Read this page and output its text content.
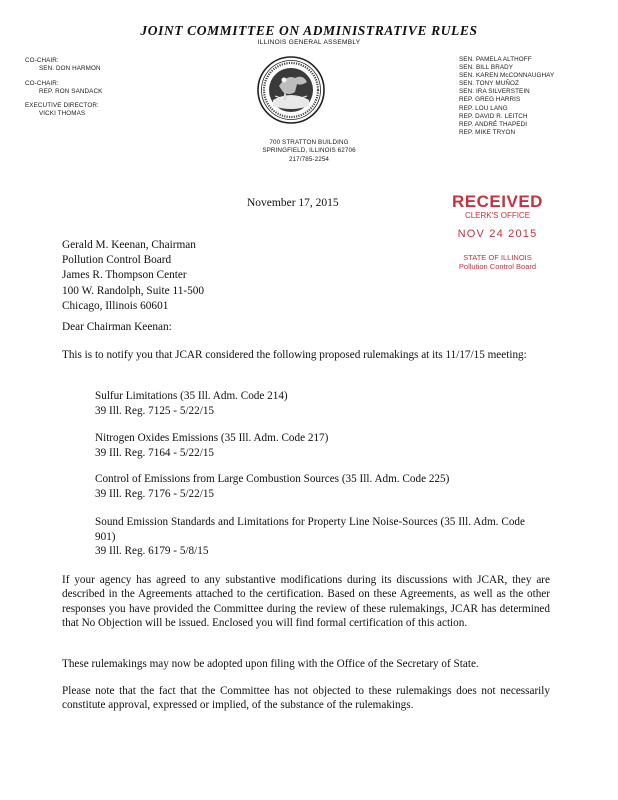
JOINT COMMITTEE ON ADMINISTRATIVE RULES
ILLINOIS GENERAL ASSEMBLY
CO-CHAIR:
SEN. DON HARMON
CO-CHAIR:
REP. RON SANDACK
EXECUTIVE DIRECTOR:
VICKI THOMAS
SEN. PAMELA ALTHOFF
SEN. BILL BRADY
SEN. KAREN McCONNAUGHAY
SEN. TONY MUÑOZ
SEN. IRA SILVERSTEIN
REP. GREG HARRIS
REP. LOU LANG
REP. DAVID R. LEITCH
REP. ANDRÉ THAPEDI
REP. MIKE TRYON
700 STRATTON BUILDING
SPRINGFIELD, ILLINOIS 62706
217/785-2254
November 17, 2015	RECEIVED
CLERK'S OFFICE
NOV 24 2015
STATE OF ILLINOIS
Pollution Control Board
Gerald M. Keenan, Chairman
Pollution Control Board
James R. Thompson Center
100 W. Randolph, Suite 11-500
Chicago, Illinois 60601
Dear Chairman Keenan:
This is to notify you that JCAR considered the following proposed rulemakings at its 11/17/15 meeting:
Sulfur Limitations (35 Ill. Adm. Code 214)
39 Ill. Reg. 7125 - 5/22/15
Nitrogen Oxides Emissions (35 Ill. Adm. Code 217)
39 Ill. Reg. 7164 - 5/22/15
Control of Emissions from Large Combustion Sources (35 Ill. Adm. Code 225)
39 Ill. Reg. 7176 - 5/22/15
Sound Emission Standards and Limitations for Property Line Noise-Sources (35 Ill. Adm. Code 901)
39 Ill. Reg. 6179 - 5/8/15
If your agency has agreed to any substantive modifications during its discussions with JCAR, they are described in the Agreements attached to the certification. Based on these Agreements, as well as the other responses you have provided the Committee during the review of these rulemakings, JCAR has determined that No Objection will be issued. Enclosed you will find formal certification of this action.
These rulemakings may now be adopted upon filing with the Office of the Secretary of State.
Please note that the fact that the Committee has not objected to these rulemakings does not necessarily constitute approval, expressed or implied, of the substance of the rulemakings.
